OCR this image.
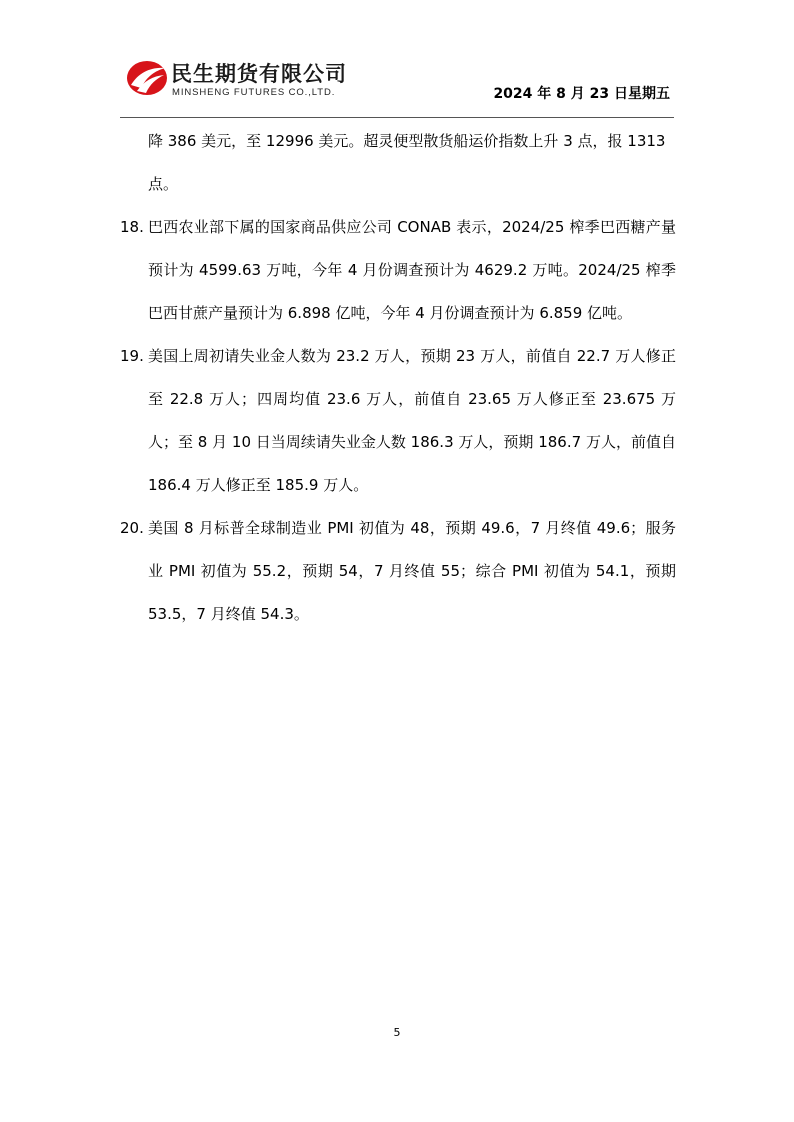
民生期货有限公司
MINSHENG FUTURES CO.,LTD.	2024 年 8 月 23 日星期五

降 386 美元，至 12996 美元。超灵便型散货船运价指数上升 3 点，报 1313 点。

18. 巴西农业部下属的国家商品供应公司 CONAB 表示，2024/25 榨季巴西糖产量预计为 4599.63 万吨，今年 4 月份调查预计为 4629.2 万吨。2024/25 榨季巴西甘蔗产量预计为 6.898 亿吨，今年 4 月份调查预计为 6.859 亿吨。
19. 美国上周初请失业金人数为 23.2 万人，预期 23 万人，前值自 22.7 万人修正至 22.8 万人；四周均值 23.6 万人，前值自 23.65 万人修正至 23.675 万人；至 8 月 10 日当周续请失业金人数 186.3 万人，预期 186.7 万人，前值自 186.4 万人修正至 185.9 万人。
20. 美国 8 月标普全球制造业 PMI 初值为 48，预期 49.6，7 月终值 49.6；服务业 PMI 初值为 55.2，预期 54，7 月终值 55；综合 PMI 初值为 54.1，预期 53.5，7 月终值 54.3。
5
